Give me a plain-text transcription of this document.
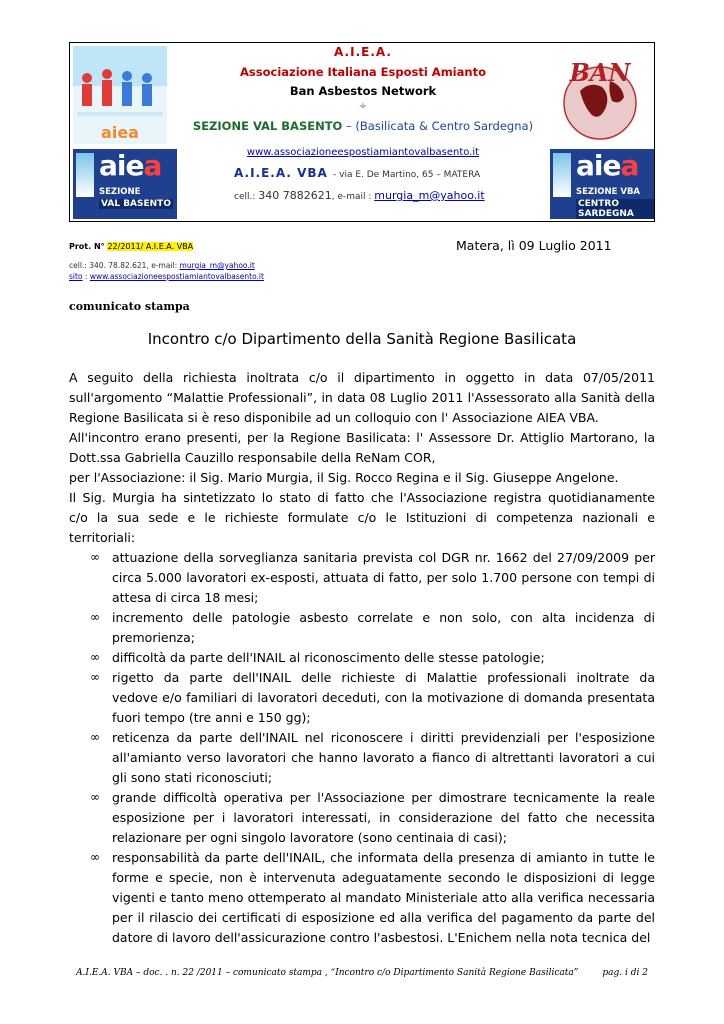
aiea
aiea
SEZIONE
VAL BASENTO
A.I.E.A.
Associazione Italiana Esposti Amianto
Ban Asbestos Network
÷
SEZIONE VAL BASENTO – (Basilicata & Centro Sardegna)
www.associazioneespostiamiantovalbasento.it
A.I.E.A. VBA - via E. De Martino, 65 – MATERA
cell.: 340 7882621, e-mail : murgia_m@yahoo.it
BAN
aiea
SEZIONE VBA
CENTRO SARDEGNA
Prot. N° 22/2011/ A.I.E.A. VBA	Matera, lì 09 Luglio 2011
cell.: 340. 78.82.621, e-mail: murgia_m@yahoo.it
sito : www.associazioneespostiamiantovalbasento.it
comunicato stampa
Incontro c/o Dipartimento della Sanità Regione Basilicata
A seguito della richiesta inoltrata c/o il dipartimento in oggetto in data 07/05/2011
sull'argomento “Malattie Professionali”, in data 08 Luglio 2011 l'Assessorato alla Sanità della
Regione Basilicata si è reso disponibile ad un colloquio con l' Associazione AIEA VBA.
All'incontro erano presenti, per la Regione Basilicata: l' Assessore Dr. Attiglio Martorano, la
Dott.ssa Gabriella Cauzillo responsabile della ReNam COR,
per l'Associazione: il Sig. Mario Murgia, il Sig. Rocco Regina e il Sig. Giuseppe Angelone.
Il Sig. Murgia ha sintetizzato lo stato di fatto che l'Associazione registra quotidianamente
c/o la sua sede e le richieste formulate c/o le Istituzioni di competenza nazionali e
territoriali:
∞ attuazione della sorveglianza sanitaria prevista col DGR nr. 1662 del 27/09/2009 per
circa 5.000 lavoratori ex-esposti, attuata di fatto, per solo 1.700 persone con tempi di
attesa di circa 18 mesi;
∞ incremento delle patologie asbesto correlate e non solo, con alta incidenza di
premorienza;
∞ difficoltà da parte dell'INAIL al riconoscimento delle stesse patologie;
∞ rigetto da parte dell'INAIL delle richieste di Malattie professionali inoltrate da
vedove e/o familiari di lavoratori deceduti, con la motivazione di domanda presentata
fuori tempo (tre anni e 150 gg);
∞ reticenza da parte dell'INAIL nel riconoscere i diritti previdenziali per l'esposizione
all'amianto verso lavoratori che hanno lavorato a fianco di altrettanti lavoratori a cui
gli sono stati riconosciuti;
∞ grande difficoltà operativa per l'Associazione per dimostrare tecnicamente la reale
esposizione per i lavoratori interessati, in considerazione del fatto che necessita
relazionare per ogni singolo lavoratore (sono centinaia di casi);
∞ responsabilità da parte dell'INAIL, che informata della presenza di amianto in tutte le
forme e specie, non è intervenuta adeguatamente secondo le disposizioni di legge
vigenti e tanto meno ottemperato al mandato Ministeriale atto alla verifica necessaria
per il rilascio dei certificati di esposizione ed alla verifica del pagamento da parte del
datore di lavoro dell'assicurazione contro l'asbestosi. L'Enichem nella nota tecnica del
A.I.E.A. VBA – doc. . n. 22 /2011 – comunicato stampa , “Incontro c/o Dipartimento Sanità Regione Basilicata”	pag. i di 2
